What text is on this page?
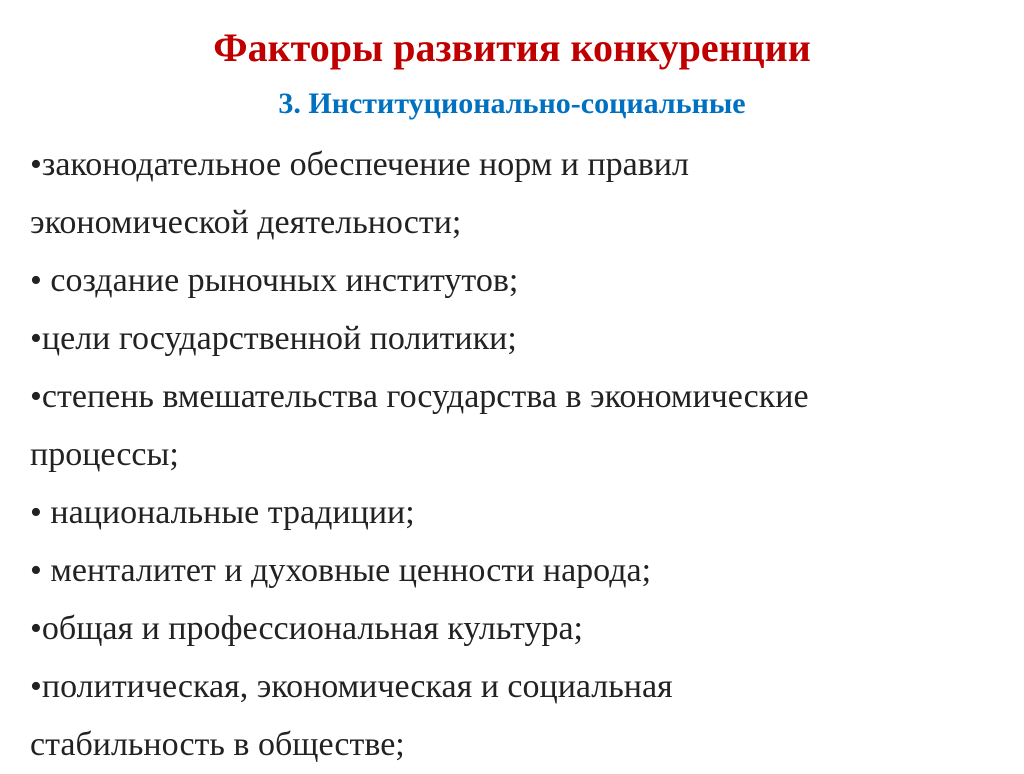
Факторы развития конкуренции
3. Институционально-социальные
•законодательное обеспечение норм и правил
экономической деятельности;
• создание рыночных институтов;
•цели государственной политики;
•степень вмешательства государства в экономические
процессы;
• национальные традиции;
• менталитет и духовные ценности народа;
•общая и профессиональная культура;
•политическая, экономическая и социальная
стабильность в обществе;
